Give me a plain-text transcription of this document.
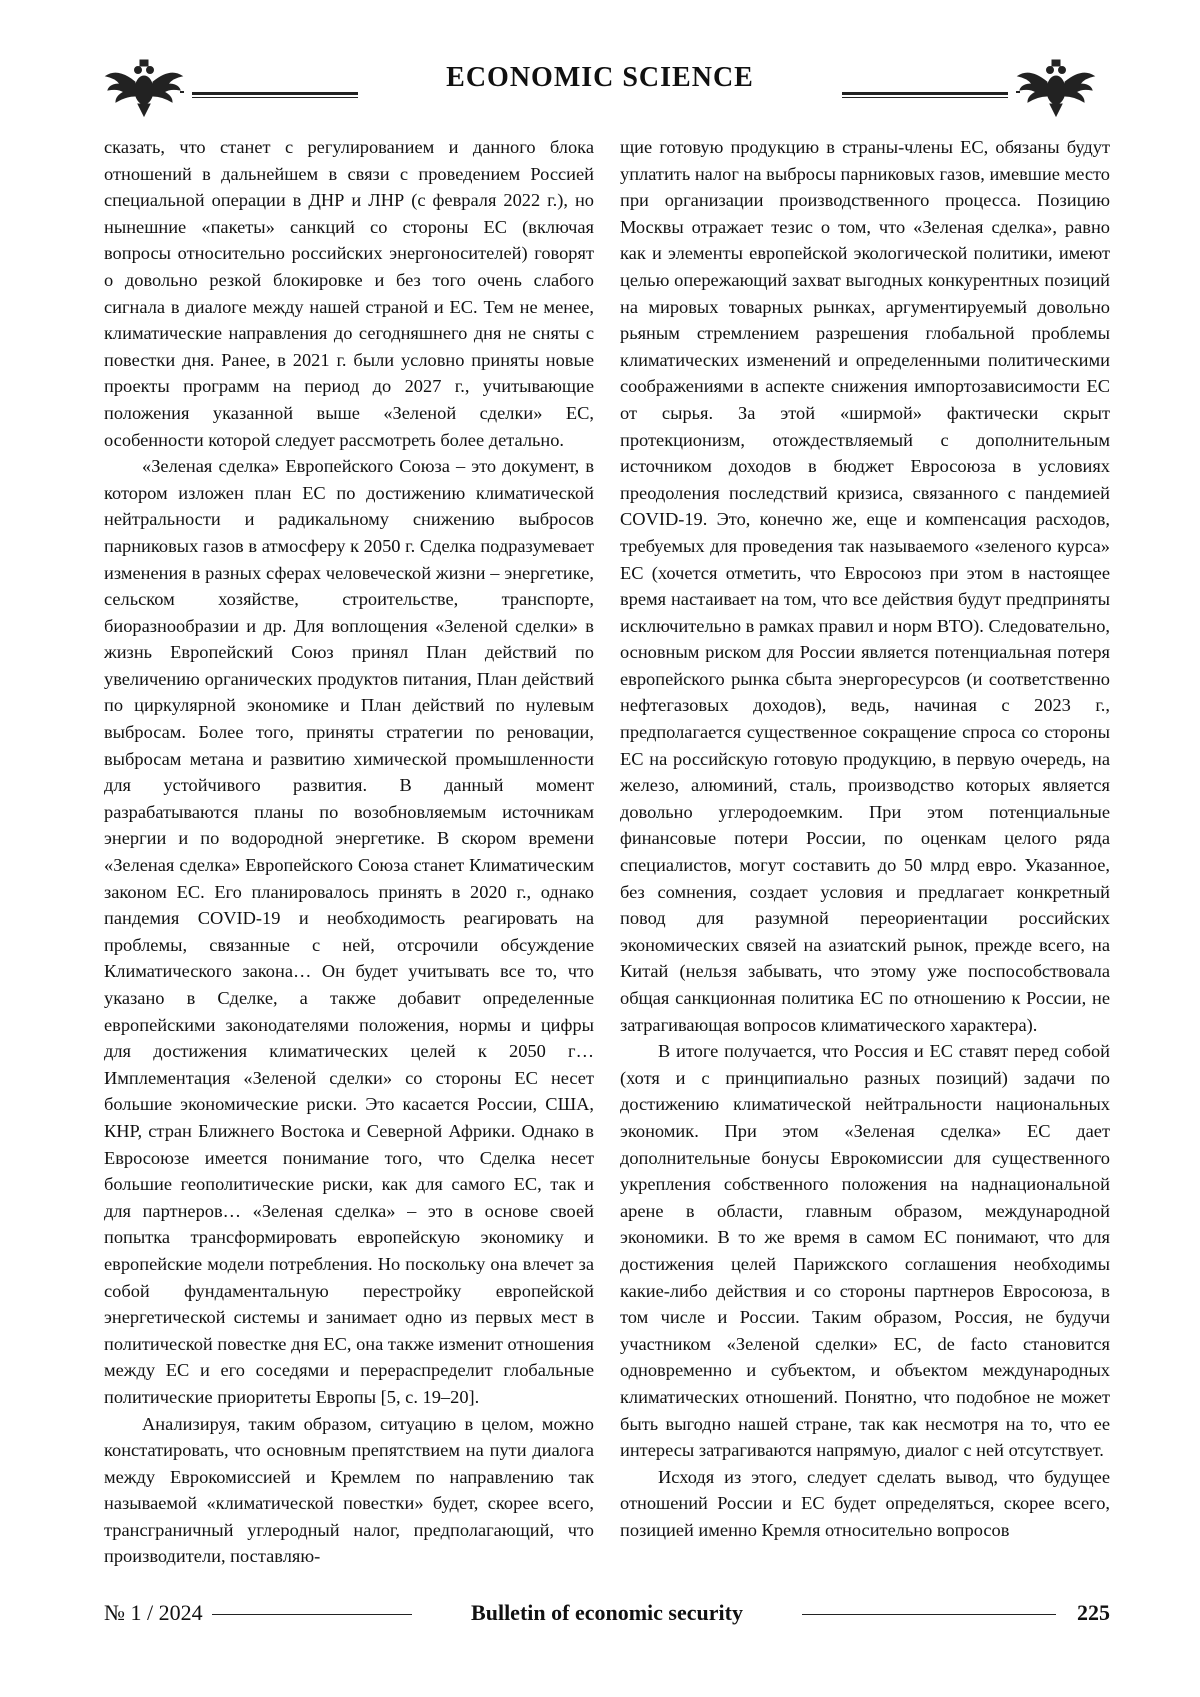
ECONOMIC SCIENCE

сказать, что станет с регулированием и данного блока отношений в дальнейшем в связи с проведением Россией специальной операции в ДНР и ЛНР (с февраля 2022 г.), но нынешние «пакеты» санкций со стороны ЕС (включая вопросы относительно российских энергоносителей) говорят о довольно резкой блокировке и без того очень слабого сигнала в диалоге между нашей страной и ЕС. Тем не менее, климатические направления до сегодняшнего дня не сняты с повестки дня. Ранее, в 2021 г. были условно приняты новые проекты программ на период до 2027 г., учитывающие положения указанной выше «Зеленой сделки» ЕС, особенности которой следует рассмотреть более детально.

«Зеленая сделка» Европейского Союза – это документ, в котором изложен план ЕС по достижению климатической нейтральности и радикальному снижению выбросов парниковых газов в атмосферу к 2050 г. Сделка подразумевает изменения в разных сферах человеческой жизни – энергетике, сельском хозяйстве, строительстве, транспорте, биоразнообразии и др. Для воплощения «Зеленой сделки» в жизнь Европейский Союз принял План действий по увеличению органических продуктов питания, План действий по циркулярной экономике и План действий по нулевым выбросам. Более того, приняты стратегии по реновации, выбросам метана и развитию химической промышленности для устойчивого развития. В данный момент разрабатываются планы по возобновляемым источникам энергии и по водородной энергетике. В скором времени «Зеленая сделка» Европейского Союза станет Климатическим законом ЕС. Его планировалось принять в 2020 г., однако пандемия COVID-19 и необходимость реагировать на проблемы, связанные с ней, отсрочили обсуждение Климатического закона… Он будет учитывать все то, что указано в Сделке, а также добавит определенные европейскими законодателями положения, нормы и цифры для достижения климатических целей к 2050 г… Имплементация «Зеленой сделки» со стороны ЕС несет большие экономические риски. Это касается России, США, КНР, стран Ближнего Востока и Северной Африки. Однако в Евросоюзе имеется понимание того, что Сделка несет большие геополитические риски, как для самого ЕС, так и для партнеров… «Зеленая сделка» – это в основе своей попытка трансформировать европейскую экономику и европейские модели потребления. Но поскольку она влечет за собой фундаментальную перестройку европейской энергетической системы и занимает одно из первых мест в политической повестке дня ЕС, она также изменит отношения между ЕС и его соседями и перераспределит глобальные политические приоритеты Европы [5, с. 19–20].

Анализируя, таким образом, ситуацию в целом, можно констатировать, что основным препятствием на пути диалога между Еврокомиссией и Кремлем по направлению так называемой «климатической повестки» будет, скорее всего, трансграничный углеродный налог, предполагающий, что производители, поставляю-

щие готовую продукцию в страны-члены ЕС, обязаны будут уплатить налог на выбросы парниковых газов, имевшие место при организации производственного процесса. Позицию Москвы отражает тезис о том, что «Зеленая сделка», равно как и элементы европейской экологической политики, имеют целью опережающий захват выгодных конкурентных позиций на мировых товарных рынках, аргументируемый довольно рьяным стремлением разрешения глобальной проблемы климатических изменений и определенными политическими соображениями в аспекте снижения импортозависимости ЕС от сырья. За этой «ширмой» фактически скрыт протекционизм, отождествляемый с дополнительным источником доходов в бюджет Евросоюза в условиях преодоления последствий кризиса, связанного с пандемией COVID-19. Это, конечно же, еще и компенсация расходов, требуемых для проведения так называемого «зеленого курса» ЕС (хочется отметить, что Евросоюз при этом в настоящее время настаивает на том, что все действия будут предприняты исключительно в рамках правил и норм ВТО). Следовательно, основным риском для России является потенциальная потеря европейского рынка сбыта энергоресурсов (и соответственно нефтегазовых доходов), ведь, начиная с 2023 г., предполагается существенное сокращение спроса со стороны ЕС на российскую готовую продукцию, в первую очередь, на железо, алюминий, сталь, производство которых является довольно углеродоемким. При этом потенциальные финансовые потери России, по оценкам целого ряда специалистов, могут составить до 50 млрд евро. Указанное, без сомнения, создает условия и предлагает конкретный повод для разумной переориентации российских экономических связей на азиатский рынок, прежде всего, на Китай (нельзя забывать, что этому уже поспособствовала общая санкционная политика ЕС по отношению к России, не затрагивающая вопросов климатического характера).

В итоге получается, что Россия и ЕС ставят перед собой (хотя и с принципиально разных позиций) задачи по достижению климатической нейтральности национальных экономик. При этом «Зеленая сделка» ЕС дает дополнительные бонусы Еврокомиссии для существенного укрепления собственного положения на наднациональной арене в области, главным образом, международной экономики. В то же время в самом ЕС понимают, что для достижения целей Парижского соглашения необходимы какие-либо действия и со стороны партнеров Евросоюза, в том числе и России. Таким образом, Россия, не будучи участником «Зеленой сделки» ЕС, de facto становится одновременно и субъектом, и объектом международных климатических отношений. Понятно, что подобное не может быть выгодно нашей стране, так как несмотря на то, что ее интересы затрагиваются напрямую, диалог с ней отсутствует.

Исходя из этого, следует сделать вывод, что будущее отношений России и ЕС будет определяться, скорее всего, позицией именно Кремля относительно вопросов

№ 1 / 2024	Bulletin of economic security	225
